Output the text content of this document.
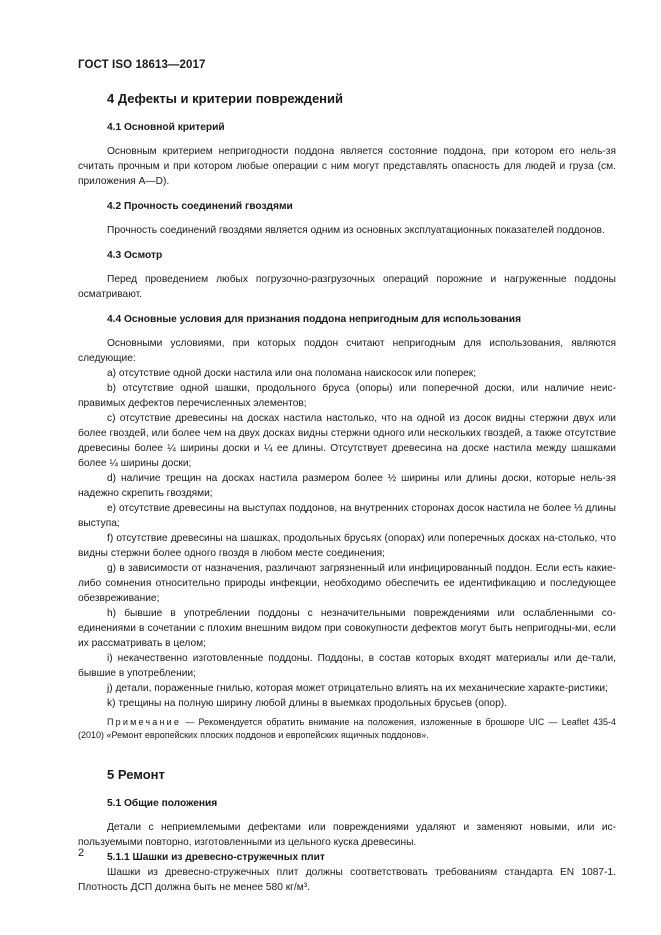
ГОСТ ISO 18613—2017
4 Дефекты и критерии повреждений
4.1 Основной критерий

Основным критерием непригодности поддона является состояние поддона, при котором его нель-зя считать прочным и при котором любые операции с ним могут представлять опасность для людей и груза (см. приложения A—D).

4.2 Прочность соединений гвоздями

Прочность соединений гвоздями является одним из основных эксплуатационных показателей поддонов.

4.3 Осмотр

Перед проведением любых погрузочно-разгрузочных операций порожние и нагруженные поддоны осматривают.

4.4 Основные условия для признания поддона непригодным для использования

Основными условиями, при которых поддон считают непригодным для использования, являются следующие:

a) отсутствие одной доски настила или она поломана наискосок или поперек;
b) отсутствие одной шашки, продольного бруса (опоры) или поперечной доски, или наличие неис-правимых дефектов перечисленных элементов;
c) отсутствие древесины на досках настила настолько, что на одной из досок видны стержни двух или более гвоздей, или более чем на двух досках видны стержни одного или нескольких гвоздей, а также отсутствие древесины более ¼ ширины доски и ¼ ее длины. Отсутствует древесина на доске настила между шашками более ¼ ширины доски;
d) наличие трещин на досках настила размером более ½ ширины или длины доски, которые нель-зя надежно скрепить гвоздями;
e) отсутствие древесины на выступах поддонов, на внутренних сторонах досок настила не более ⅓ длины выступа;
f) отсутствие древесины на шашках, продольных брусьях (опорах) или поперечных досках на-столько, что видны стержни более одного гвоздя в любом месте соединения;
g) в зависимости от назначения, различают загрязненный или инфицированный поддон. Если есть какие-либо сомнения относительно природы инфекции, необходимо обеспечить ее идентификацию и последующее обезвреживание;
h) бывшие в употреблении поддоны с незначительными повреждениями или ослабленными со-единениями в сочетании с плохим внешним видом при совокупности дефектов могут быть непригодны-ми, если их рассматривать в целом;
i) некачественно изготовленные поддоны. Поддоны, в состав которых входят материалы или де-тали, бывшие в употреблении;
j) детали, пораженные гнилью, которая может отрицательно влиять на их механические характе-ристики;
k) трещины на полную ширину любой длины в выемках продольных брусьев (опор).
Примечание — Рекомендуется обратить внимание на положения, изложенные в брошюре UIC — Leaflet 435-4 (2010) «Ремонт европейских плоских поддонов и европейских ящичных поддонов».
5 Ремонт
5.1 Общие положения

Детали с неприемлемыми дефектами или повреждениями удаляют и заменяют новыми, или ис-пользуемыми повторно, изготовленными из цельного куска древесины.

5.1.1 Шашки из древесно-стружечных плит

Шашки из древесно-стружечных плит должны соответствовать требованиям стандарта EN 1087-1. Плотность ДСП должна быть не менее 580 кг/м³.

2
